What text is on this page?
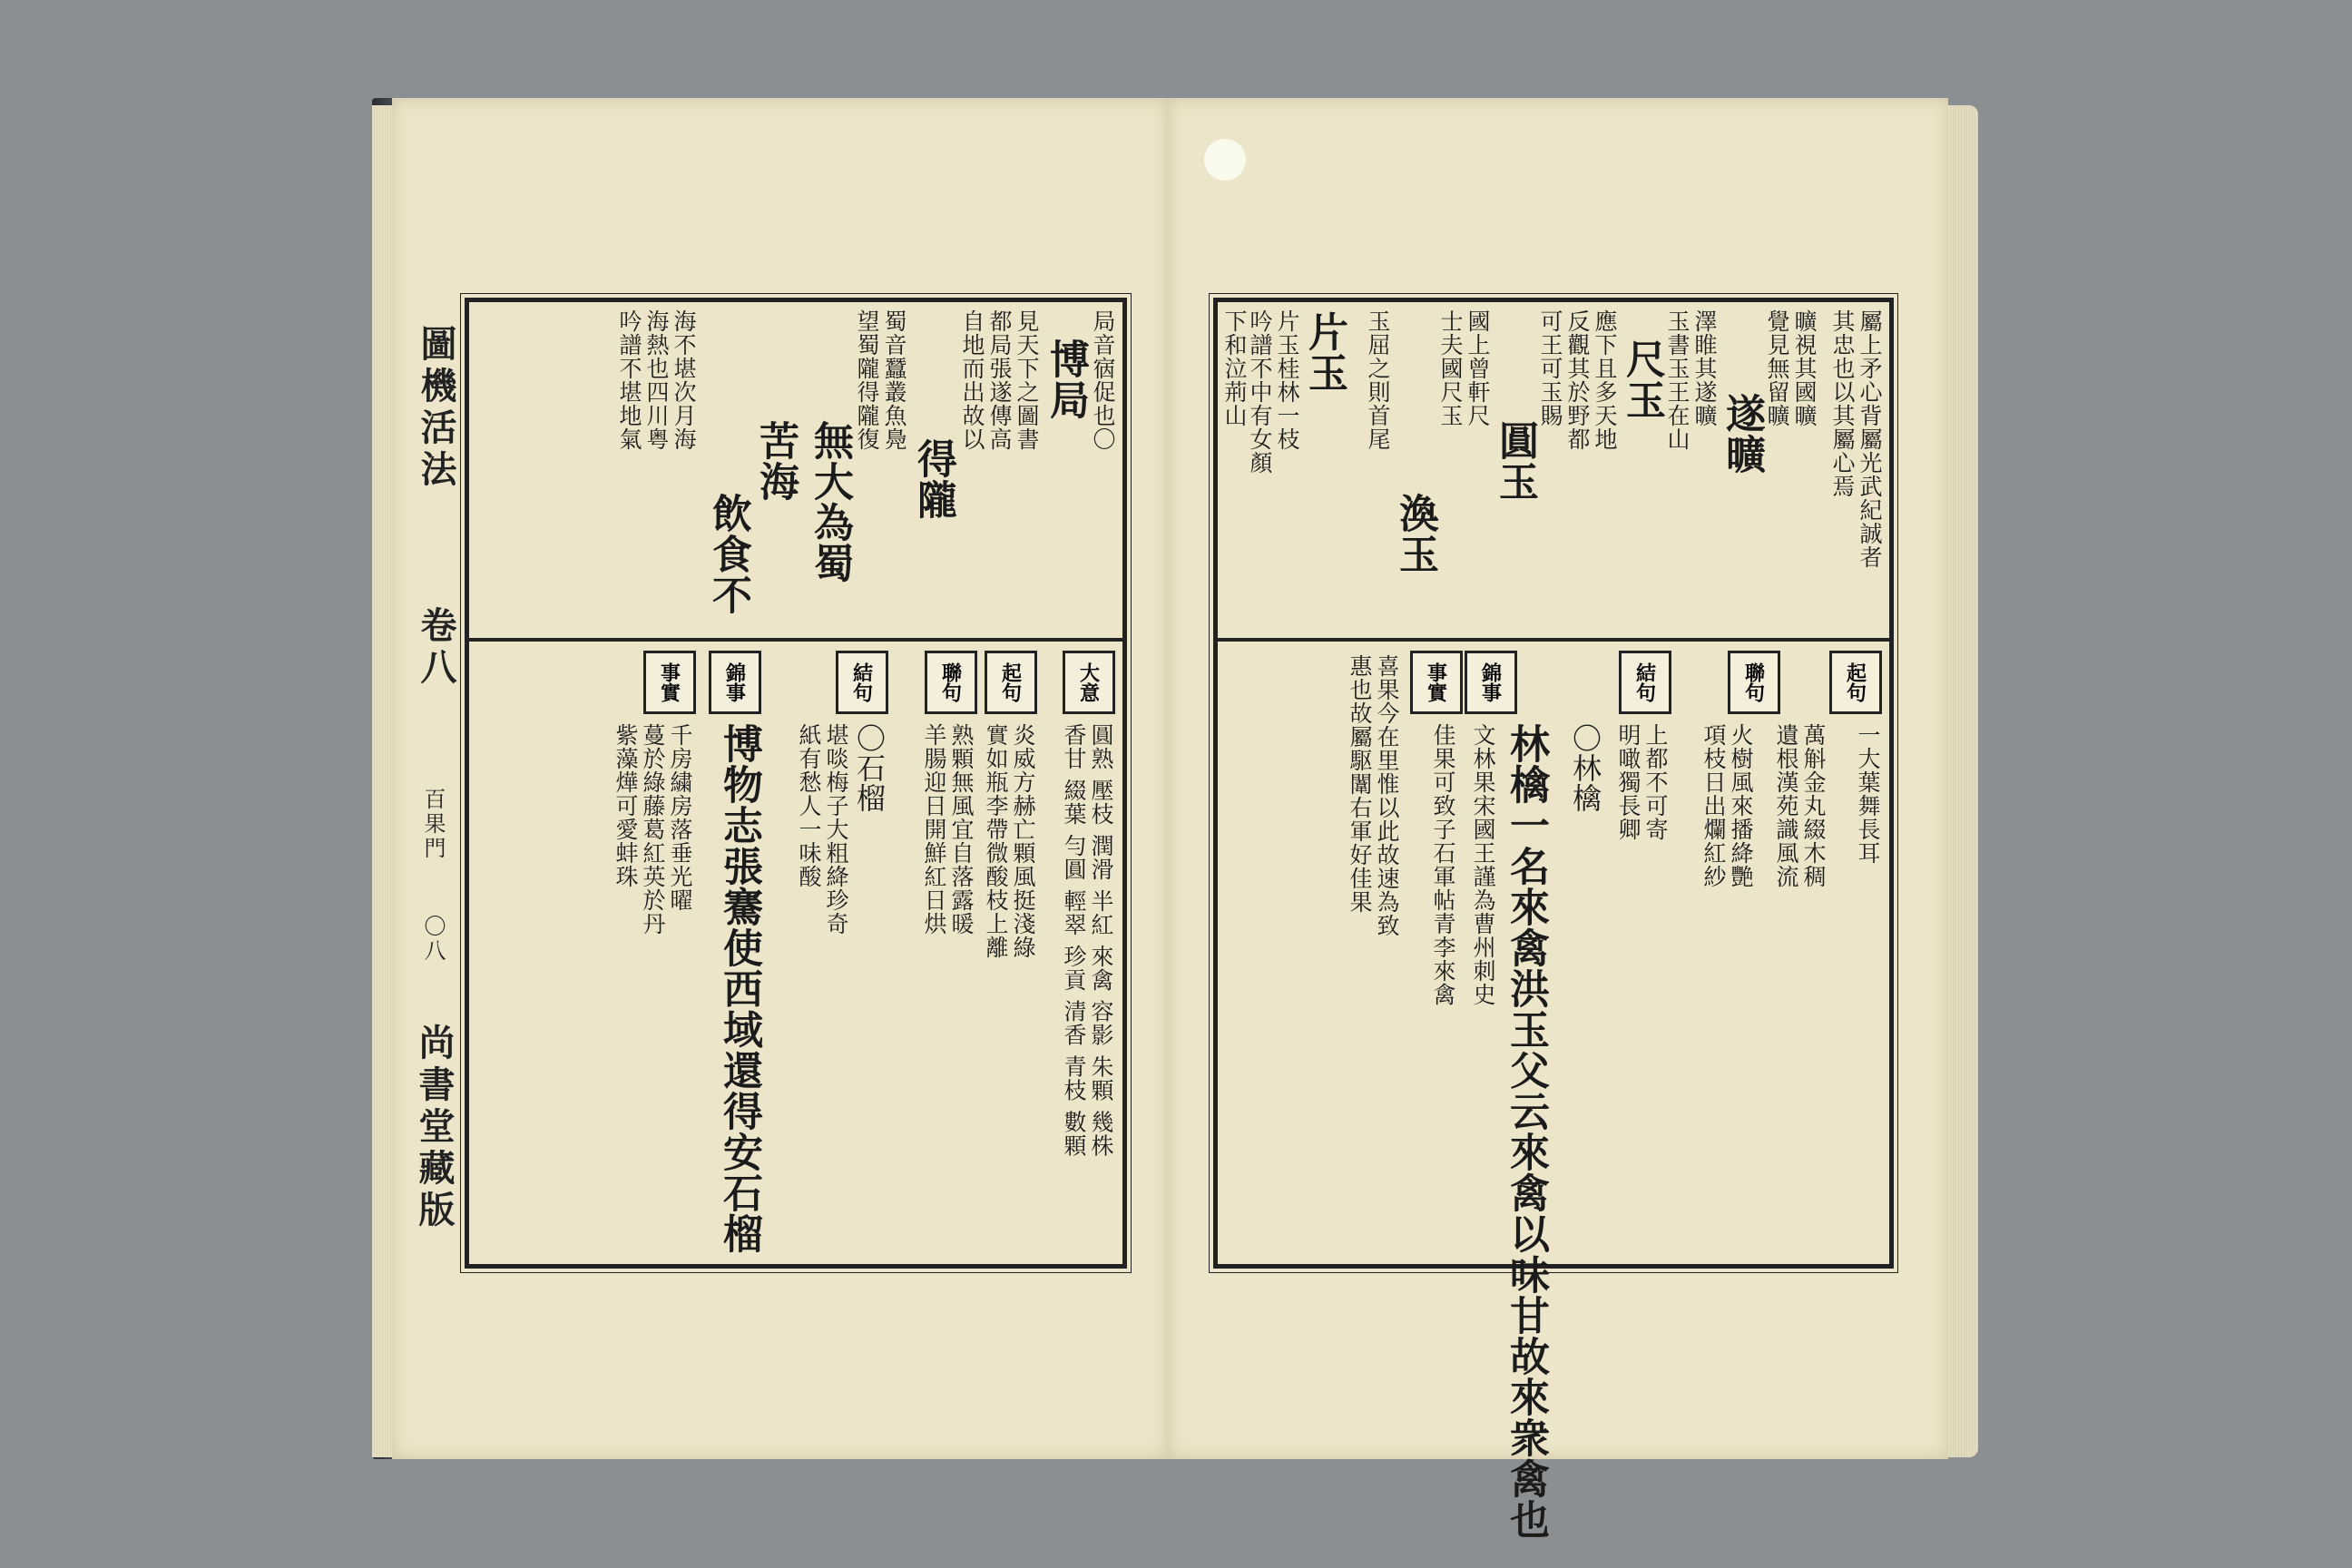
圖機活法
卷八
百果門
〇八
尚書堂藏版
局音㝛促也〇
博局
見天下之圖書
都局張遂傳高
自地而出故以
得隴
蜀音蠶叢魚鳧
望蜀隴得隴復
無大為蜀
苦海
飲食不
海不堪次月海
海熱也四川粤
吟譜不堪地氣
大意
起句
聯句
結句
錦事
事實
圓熟 壓枝 潤滑 半紅 來禽 容影 朱顆 幾株
香甘 綴葉 勻圓 輕翠 珍貢 清香 青枝 數顆
炎威方赫亡顆風挺淺綠
實如瓶李帶微酸枝上離
熟顆無風宜自落露暖
羊腸迎日開鮮紅日烘
〇石榴
堪啖梅子大粗絳珍奇
紙有愁人一味酸
博物志張騫使西域還得安石榴
千房繍房落垂光曜
蔓於綠藤葛紅英於丹
紫藻燁可愛蚌珠
屬上矛心背屬光武紀誠者
其忠也以其屬心焉
曠視其國曠
覺見無留曠
遂曠
澤睢其遂曠
玉書玉王在山
尺玉
應下且多天地
反觀其於野都
可王可玉賜
圓玉
國上曾軒尺
士夫國尺玉
渙玉
玉屈之則首尾
片玉
片玉桂林一枝
吟譜不中有女顏
下和泣荊山
起句
聯句
結句
錦事
事實
一大葉舞長耳
萬斛金丸綴木稠
遺根漢苑識風流
火樹風來播絳艷
項枝日出爛紅紗
上都不可寄
明噉獨長卿
〇林檎
林檎一名來禽洪玉父云來禽以味甘故來衆禽也
文林果宋國王謹為曹州刺史
佳果可致子石軍帖青李來禽
喜果今在里惟以此故速為致
惠也故屬駆闈右軍好佳果
